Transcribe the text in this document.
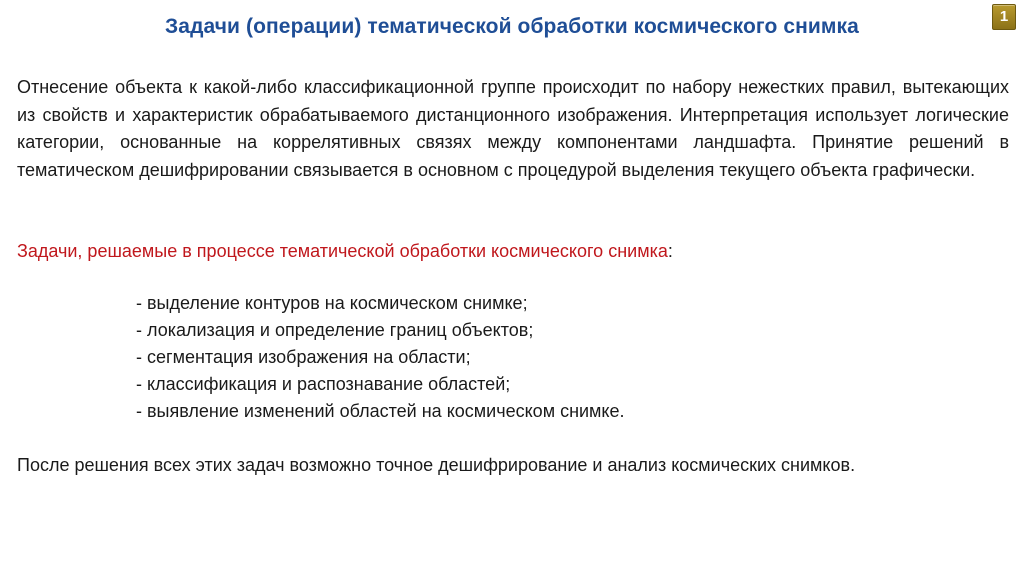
Задачи (операции) тематической обработки космического снимка	1

Отнесение объекта к какой-либо классификационной группе происходит по набору нежестких правил, вытекающих из свойств и характеристик обрабатываемого дистанционного изображения. Интерпретация использует логические категории, основанные на коррелятивных связях между компонентами ландшафта. Принятие решений в тематическом дешифрировании связывается в основном с процедурой выделения текущего объекта графически.

Задачи, решаемые в процессе тематической обработки космического снимка:

- выделение контуров на космическом снимке;
- локализация и определение границ объектов;
- сегментация изображения на области;
- классификация и распознавание областей;
- выявление изменений областей на космическом снимке.

После решения всех этих задач возможно точное дешифрирование и анализ космических снимков.
